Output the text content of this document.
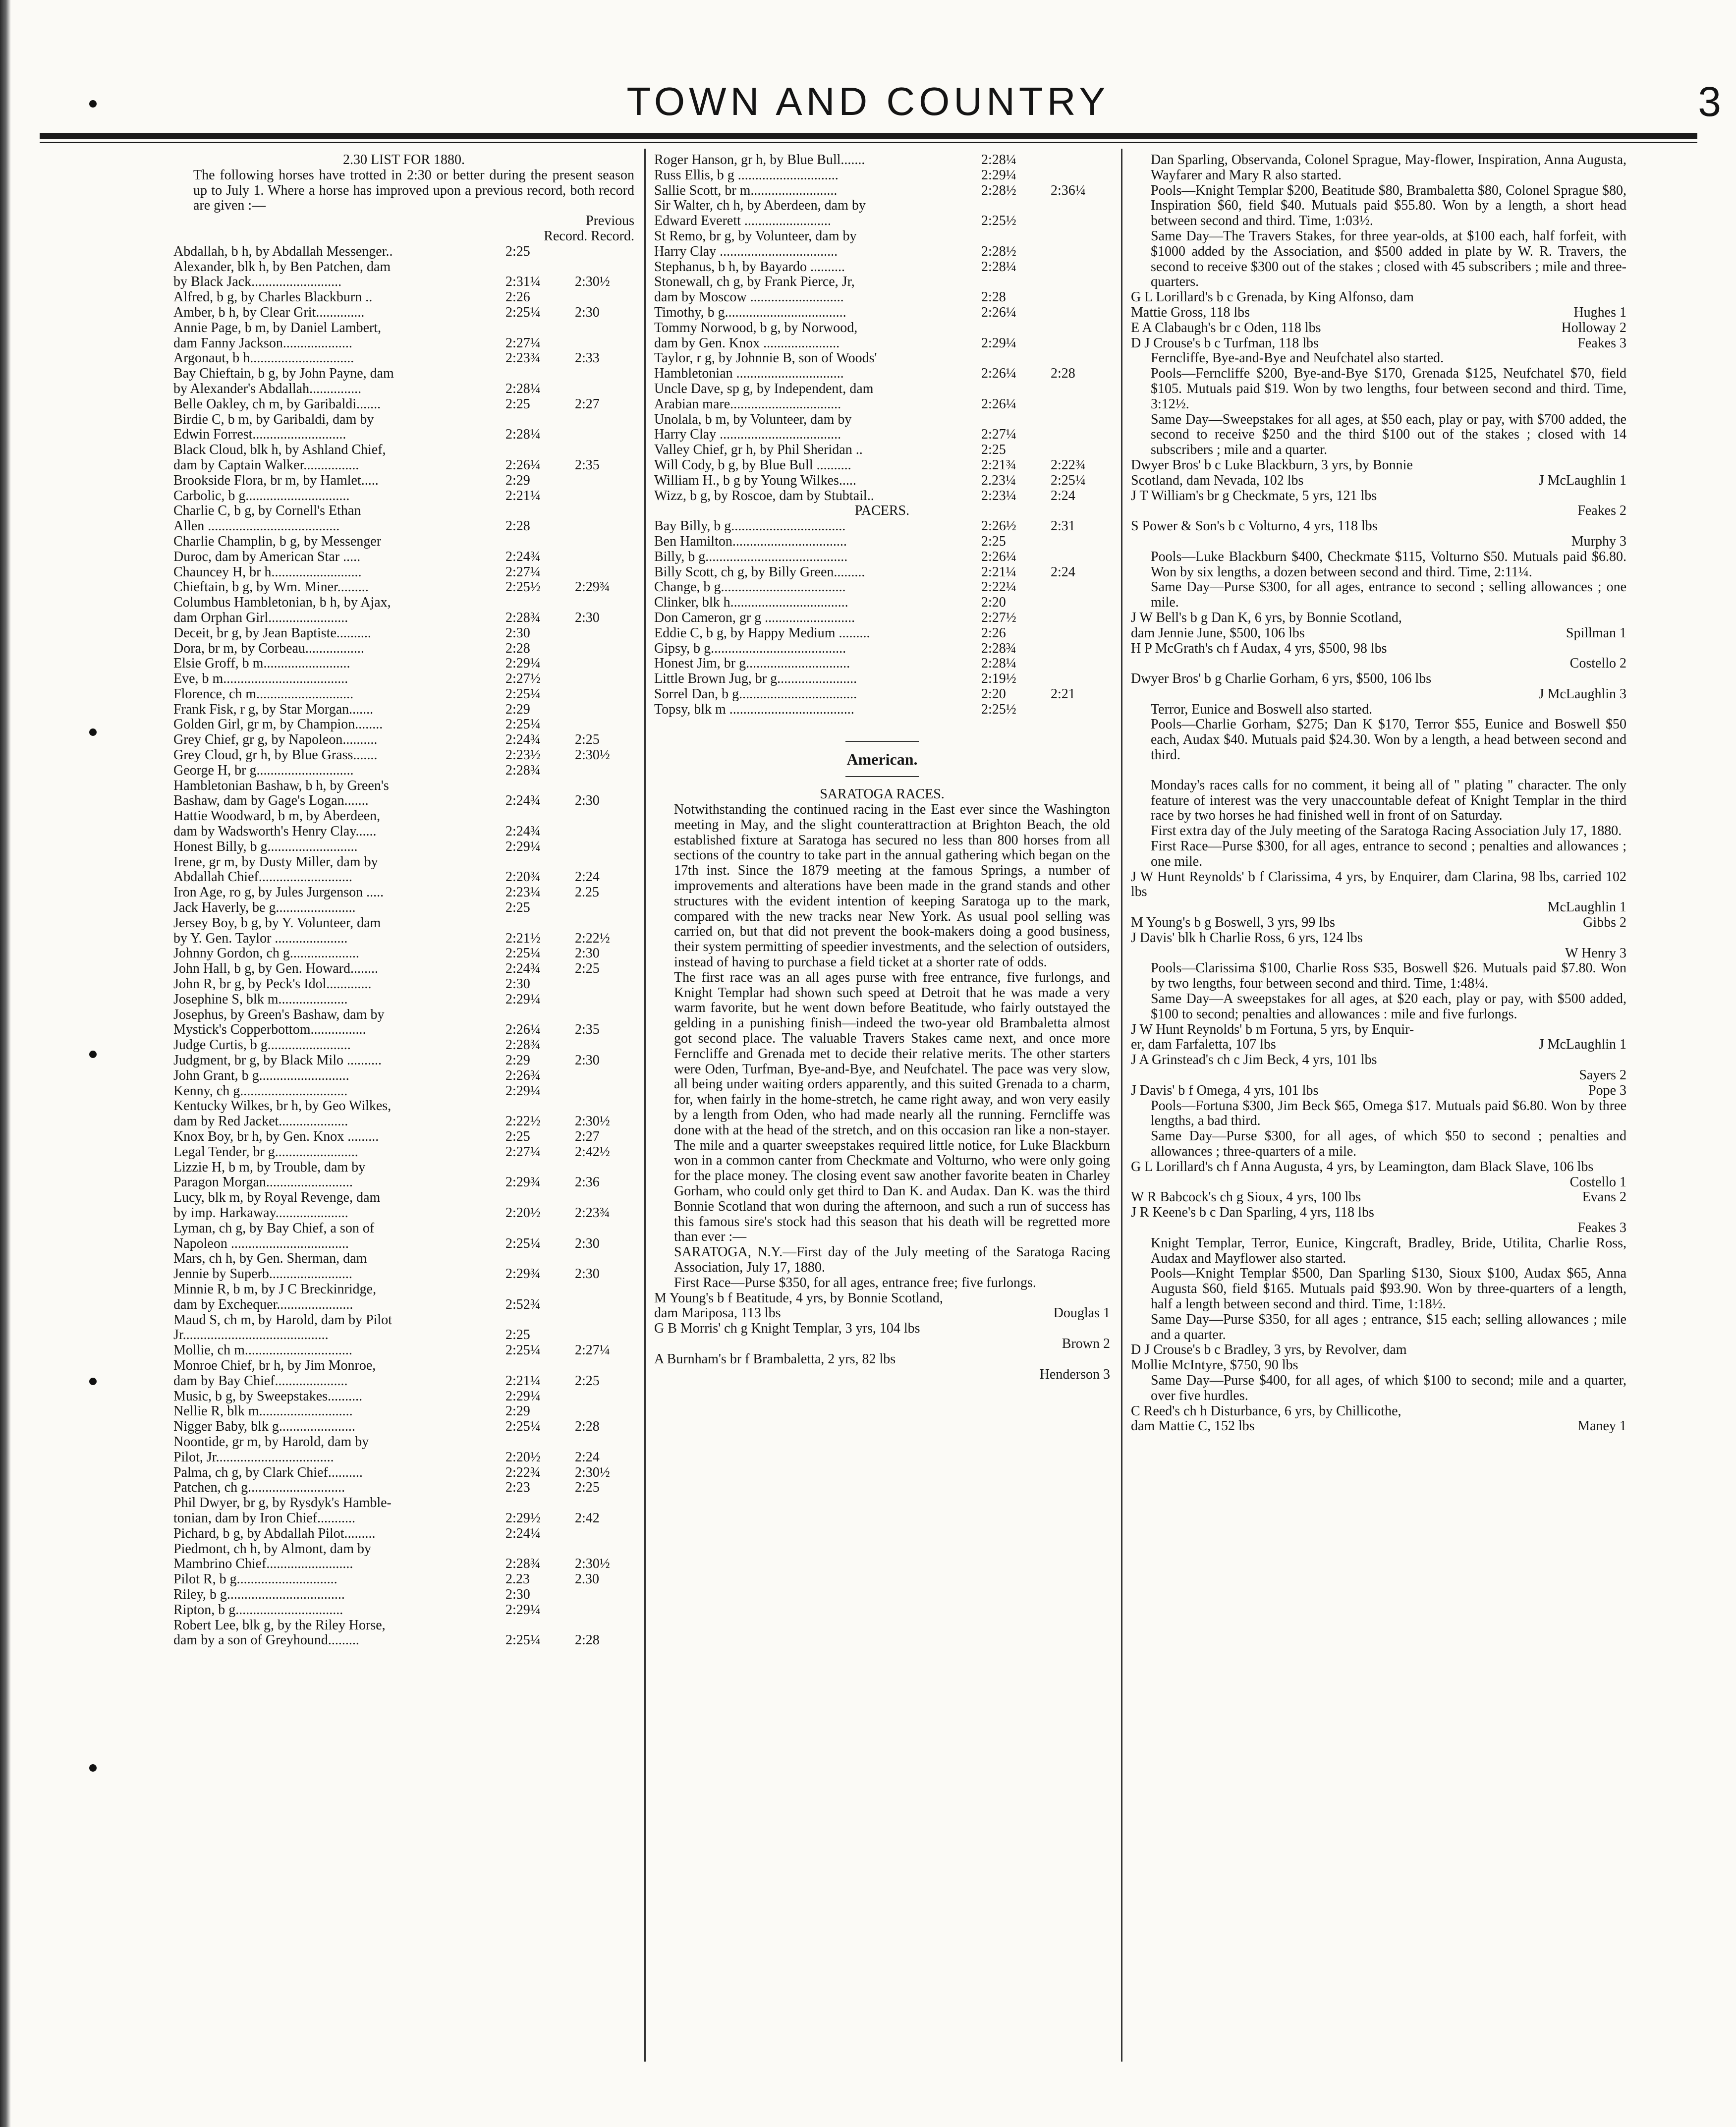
TOWN AND COUNTRY	3
2.30 LIST FOR 1880.
The following horses have trotted in 2:30 or better during the present season up to July 1. Where a horse has improved upon a previous record, both record are given :—
Previous
Record. Record.
Abdallah, b h, by Abdallah Messenger..	2:25
Alexander, blk h, by Ben Patchen, dam
by Black Jack..........................	2:31¼	2:30½
Alfred, b g, by Charles Blackburn ..	2:26
Amber, b h, by Clear Grit..............	2:25¼	2:30
Annie Page, b m, by Daniel Lambert,
dam Fanny Jackson....................	2:27¼
Argonaut, b h..............................	2:23¾	2:33
Bay Chieftain, b g, by John Payne, dam
by Alexander's Abdallah...............	2:28¼
Belle Oakley, ch m, by Garibaldi.......	2:25	2:27
Birdie C, b m, by Garibaldi, dam by
Edwin Forrest...........................	2:28¼
Black Cloud, blk h, by Ashland Chief,
dam by Captain Walker................	2:26¼	2:35
Brookside Flora, br m, by Hamlet.....	2:29
Carbolic, b g..............................	2:21¼
Charlie C, b g, by Cornell's Ethan
Allen ......................................	2:28
Charlie Champlin, b g, by Messenger
Duroc, dam by American Star .....	2:24¾
Chauncey H, br h..........................	2:27¼
Chieftain, b g, by Wm. Miner.........	2:25½	2:29¾
Columbus Hambletonian, b h, by Ajax,
dam Orphan Girl.......................	2:28¾	2:30
Deceit, br g, by Jean Baptiste..........	2:30
Dora, br m, by Corbeau.................	2:28
Elsie Groff, b m.........................	2:29¼
Eve, b m....................................	2:27½
Florence, ch m............................	2:25¼
Frank Fisk, r g, by Star Morgan.......	2:29
Golden Girl, gr m, by Champion........	2:25¼
Grey Chief, gr g, by Napoleon..........	2:24¾	2:25
Grey Cloud, gr h, by Blue Grass.......	2:23½	2:30½
George H, br g............................	2:28¾
Hambletonian Bashaw, b h, by Green's
Bashaw, dam by Gage's Logan.......	2:24¾	2:30
Hattie Woodward, b m, by Aberdeen,
dam by Wadsworth's Henry Clay......	2:24¾
Honest Billy, b g..........................	2:29¼
Irene, gr m, by Dusty Miller, dam by
Abdallah Chief...........................	2:20¾	2:24
Iron Age, ro g, by Jules Jurgenson .....	2:23¼	2.25
Jack Haverly, be g.......................	2:25
Jersey Boy, b g, by Y. Volunteer, dam
by Y. Gen. Taylor .....................	2:21½	2:22½
Johnny Gordon, ch g....................	2:25¼	2:30
John Hall, b g, by Gen. Howard........	2:24¾	2:25
John R, br g, by Peck's Idol.............	2:30
Josephine S, blk m....................	2:29¼
Josephus, by Green's Bashaw, dam by
Mystick's Copperbottom................	2:26¼	2:35
Judge Curtis, b g........................	2:28¾
Judgment, br g, by Black Milo ..........	2:29	2:30
John Grant, b g..........................	2:26¾
Kenny, ch g...............................	2:29¼
Kentucky Wilkes, br h, by Geo Wilkes,
dam by Red Jacket....................	2:22½	2:30½
Knox Boy, br h, by Gen. Knox .........	2:25	2:27
Legal Tender, br g........................	2:27¼	2:42½
Lizzie H, b m, by Trouble, dam by
Paragon Morgan.........................	2:29¾	2:36
Lucy, blk m, by Royal Revenge, dam
by imp. Harkaway.....................	2:20½	2:23¾
Lyman, ch g, by Bay Chief, a son of
Napoleon ..................................	2:25¼	2:30
Mars, ch h, by Gen. Sherman, dam
Jennie by Superb........................	2:29¾	2:30
Minnie R, b m, by J C Breckinridge,
dam by Exchequer......................	2:52¾
Maud S, ch m, by Harold, dam by Pilot
Jr..........................................	2:25
Mollie, ch m...............................	2:25¼	2:27¼
Monroe Chief, br h, by Jim Monroe,
dam by Bay Chief.....................	2:21¼	2:25
Music, b g, by Sweepstakes..........	2:29¼
Nellie R, blk m...........................	2:29
Nigger Baby, blk g......................	2:25¼	2:28
Noontide, gr m, by Harold, dam by
Pilot, Jr..................................	2:20½	2:24
Palma, ch g, by Clark Chief..........	2:22¾	2:30½
Patchen, ch g............................	2:23	2:25
Phil Dwyer, br g, by Rysdyk's Hamble-
tonian, dam by Iron Chief...........	2:29½	2:42
Pichard, b g, by Abdallah Pilot.........	2:24¼
Piedmont, ch h, by Almont, dam by
Mambrino Chief.........................	2:28¾	2:30½
Pilot R, b g.............................	2.23	2.30
Riley, b g..................................	2:30
Ripton, b g...............................	2:29¼
Robert Lee, blk g, by the Riley Horse,
dam by a son of Greyhound.........	2:25¼	2:28
Roger Hanson, gr h, by Blue Bull.......	2:28¼
Russ Ellis, b g .............................	2:29¼
Sallie Scott, br m.........................	2:28½	2:36¼
Sir Walter, ch h, by Aberdeen, dam by
Edward Everett .........................	2:25½
St Remo, br g, by Volunteer, dam by
Harry Clay ..................................	2:28½
Stephanus, b h, by Bayardo ..........	2:28¼
Stonewall, ch g, by Frank Pierce, Jr,
dam by Moscow ...........................	2:28
Timothy, b g...................................	2:26¼
Tommy Norwood, b g, by Norwood,
dam by Gen. Knox ......................	2:29¼
Taylor, r g, by Johnnie B, son of Woods'
Hambletonian ...............................	2:26¼	2:28
Uncle Dave, sp g, by Independent, dam
Arabian mare................................	2:26¼
Unolala, b m, by Volunteer, dam by
Harry Clay ...................................	2:27¼
Valley Chief, gr h, by Phil Sheridan ..	2:25
Will Cody, b g, by Blue Bull ..........	2:21¾	2:22¾
William H., b g by Young Wilkes.....	2.23¼	2:25¼
Wizz, b g, by Roscoe, dam by Stubtail..	2:23¼	2:24
PACERS.
Bay Billy, b g.................................	2:26½	2:31
Ben Hamilton.................................	2:25
Billy, b g.........................................	2:26¼
Billy Scott, ch g, by Billy Green.........	2:21¼	2:24
Change, b g....................................	2:22¼
Clinker, blk h..................................	2:20
Don Cameron, gr g ..........................	2:27½
Eddie C, b g, by Happy Medium .........	2:26
Gipsy, b g.......................................	2:28¾
Honest Jim, br g..............................	2:28¼
Little Brown Jug, br g.......................	2:19½
Sorrel Dan, b g..................................	2:20	2:21
Topsy, blk m ....................................	2:25½
American.
SARATOGA RACES.
Notwithstanding the continued racing in the East ever since the Washington meeting in May, and the slight counterattraction at Brighton Beach, the old established fixture at Saratoga has secured no less than 800 horses from all sections of the country to take part in the annual gathering which began on the 17th inst. Since the 1879 meeting at the famous Springs, a number of improvements and alterations have been made in the grand stands and other structures with the evident intention of keeping Saratoga up to the mark, compared with the new tracks near New York. As usual pool selling was carried on, but that did not prevent the book-makers doing a good business, their system permitting of speedier investments, and the selection of outsiders, instead of having to purchase a field ticket at a shorter rate of odds.
The first race was an all ages purse with free entrance, five furlongs, and Knight Templar had shown such speed at Detroit that he was made a very warm favorite, but he went down before Beatitude, who fairly outstayed the gelding in a punishing finish—indeed the two-year old Brambaletta almost got second place. The valuable Travers Stakes came next, and once more Ferncliffe and Grenada met to decide their relative merits. The other starters were Oden, Turfman, Bye-and-Bye, and Neufchatel. The pace was very slow, all being under waiting orders apparently, and this suited Grenada to a charm, for, when fairly in the home-stretch, he came right away, and won very easily by a length from Oden, who had made nearly all the running. Ferncliffe was done with at the head of the stretch, and on this occasion ran like a non-stayer. The mile and a quarter sweepstakes required little notice, for Luke Blackburn won in a common canter from Checkmate and Volturno, who were only going for the place money. The closing event saw another favorite beaten in Charley Gorham, who could only get third to Dan K. and Audax. Dan K. was the third Bonnie Scotland that won during the afternoon, and such a run of success has this famous sire's stock had this season that his death will be regretted more than ever :—
SARATOGA, N.Y.—First day of the July meeting of the Saratoga Racing Association, July 17, 1880.
First Race—Purse $350, for all ages, entrance free; five furlongs.
M Young's b f Beatitude, 4 yrs, by Bonnie Scotland,
dam Mariposa, 113 lbs	Douglas 1
G B Morris' ch g Knight Templar, 3 yrs, 104 lbs
Brown 2
A Burnham's br f Brambaletta, 2 yrs, 82 lbs
Henderson 3
Dan Sparling, Observanda, Colonel Sprague, May-flower, Inspiration, Anna Augusta, Wayfarer and Mary R also started.
Pools—Knight Templar $200, Beatitude $80, Brambaletta $80, Colonel Sprague $80, Inspiration $60, field $40. Mutuals paid $55.80. Won by a length, a short head between second and third. Time, 1:03½.
Same Day—The Travers Stakes, for three year-olds, at $100 each, half forfeit, with $1000 added by the Association, and $500 added in plate by W. R. Travers, the second to receive $300 out of the stakes ; closed with 45 subscribers ; mile and three-quarters.
G L Lorillard's b c Grenada, by King Alfonso, dam
Mattie Gross, 118 lbs	Hughes 1
E A Clabaugh's br c Oden, 118 lbs	Holloway 2
D J Crouse's b c Turfman, 118 lbs	Feakes 3
Ferncliffe, Bye-and-Bye and Neufchatel also started.
Pools—Ferncliffe $200, Bye-and-Bye $170, Grenada $125, Neufchatel $70, field $105. Mutuals paid $19. Won by two lengths, four between second and third. Time, 3:12½.
Same Day—Sweepstakes for all ages, at $50 each, play or pay, with $700 added, the second to receive $250 and the third $100 out of the stakes ; closed with 14 subscribers ; mile and a quarter.
Dwyer Bros' b c Luke Blackburn, 3 yrs, by Bonnie
Scotland, dam Nevada, 102 lbs	J McLaughlin 1
J T William's br g Checkmate, 5 yrs, 121 lbs
Feakes 2
S Power & Son's b c Volturno, 4 yrs, 118 lbs
Murphy 3
Pools—Luke Blackburn $400, Checkmate $115, Volturno $50. Mutuals paid $6.80. Won by six lengths, a dozen between second and third. Time, 2:11¼.
Same Day—Purse $300, for all ages, entrance to second ; selling allowances ; one mile.
J W Bell's b g Dan K, 6 yrs, by Bonnie Scotland,
dam Jennie June, $500, 106 lbs	Spillman 1
H P McGrath's ch f Audax, 4 yrs, $500, 98 lbs
Costello 2
Dwyer Bros' b g Charlie Gorham, 6 yrs, $500, 106 lbs
J McLaughlin 3
Terror, Eunice and Boswell also started.
Pools—Charlie Gorham, $275; Dan K $170, Terror $55, Eunice and Boswell $50 each, Audax $40. Mutuals paid $24.30. Won by a length, a head between second and third.
Monday's races calls for no comment, it being all of " plating " character. The only feature of interest was the very unaccountable defeat of Knight Templar in the third race by two horses he had finished well in front of on Saturday.
First extra day of the July meeting of the Saratoga Racing Association July 17, 1880.
First Race—Purse $300, for all ages, entrance to second ; penalties and allowances ; one mile.
J W Hunt Reynolds' b f Clarissima, 4 yrs, by Enquirer, dam Clarina, 98 lbs, carried 102 lbs
McLaughlin 1
M Young's b g Boswell, 3 yrs, 99 lbs	Gibbs 2
J Davis' blk h Charlie Ross, 6 yrs, 124 lbs
W Henry 3
Pools—Clarissima $100, Charlie Ross $35, Boswell $26. Mutuals paid $7.80. Won by two lengths, four between second and third. Time, 1:48¼.
Same Day—A sweepstakes for all ages, at $20 each, play or pay, with $500 added, $100 to second; penalties and allowances : mile and five furlongs.
J W Hunt Reynolds' b m Fortuna, 5 yrs, by Enquir-
er, dam Farfaletta, 107 lbs	J McLaughlin 1
J A Grinstead's ch c Jim Beck, 4 yrs, 101 lbs
Sayers 2
J Davis' b f Omega, 4 yrs, 101 lbs	Pope 3
Pools—Fortuna $300, Jim Beck $65, Omega $17. Mutuals paid $6.80. Won by three lengths, a bad third.
Same Day—Purse $300, for all ages, of which $50 to second ; penalties and allowances ; three-quarters of a mile.
G L Lorillard's ch f Anna Augusta, 4 yrs, by Leamington, dam Black Slave, 106 lbs
Costello 1
W R Babcock's ch g Sioux, 4 yrs, 100 lbs	Evans 2
J R Keene's b c Dan Sparling, 4 yrs, 118 lbs
Feakes 3
Knight Templar, Terror, Eunice, Kingcraft, Bradley, Bride, Utilita, Charlie Ross, Audax and Mayflower also started.
Pools—Knight Templar $500, Dan Sparling $130, Sioux $100, Audax $65, Anna Augusta $60, field $165. Mutuals paid $93.90. Won by three-quarters of a length, half a length between second and third. Time, 1:18½.
Same Day—Purse $350, for all ages ; entrance, $15 each; selling allowances ; mile and a quarter.
D J Crouse's b c Bradley, 3 yrs, by Revolver, dam
Mollie McIntyre, $750, 90 lbs
Same Day—Purse $400, for all ages, of which $100 to second; mile and a quarter, over five hurdles.
C Reed's ch h Disturbance, 6 yrs, by Chillicothe,
dam Mattie C, 152 lbs	Maney 1
